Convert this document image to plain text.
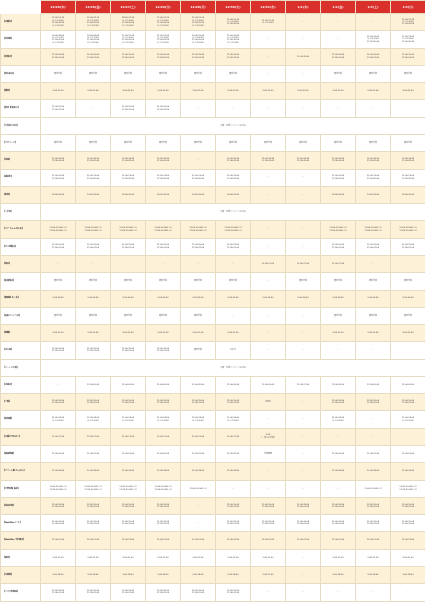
	12/26(木)	12/28(金)	12/27(土)	12/29(日)	12/28(月)	12/30(火)	12/31(水)	1/1(木)	1/2(金)	1/3(土)	1/4(日)
【店舗名】	11:00-13:15
(L.O 13:00)
17:00-20:00
(L.O 19:30)	11:00-13:15
(L.O 13:00)
17:00-20:00
(L.O 19:30)	18:00-13:15
(L.O 13:00)
17:00-20:00
(L.O 19:30)	11:00-13:15
(L.O 13:00)
17:00-20:00
(L.O 19:30)	11:00-13:15
(L.O 13:00)
17:00-20:00
(L.O 19:30)	11:00-13:15
(L.O 13:00)
17:00-20:00	11:00-13:15
(L.O 13:00)	-	-	-	11:00-13:15
(L.O 13:00)
17:00-20:00
【宮車駅】	10:00-18:00
(L.O 17:30)
17:00-20:00
(L.O 19:30)	10:00-18:00
(L.O 17:30)
17:00-20:00
(L.O 19:30)	11:00-13:15
(L.O 13:00)
17:00-20:00
(L.O 19:30)	11:00-13:00
(L.O 13:00)
17:00-20:00
(L.O 19:30)	10:00-19:00
(L.O 18:30)
17:00-20:00
(L.O 19:30)	11:00-13:00
(L.O 13:00)
17:00-20:00
(L.O 19:30)	-	-	-	11:00-13:00
(L.O 13:00)
17:00-20:00	11:00-13:00
(L.O 13:00)
17:00-20:00
【草薙店】	11:00-15:00
17:00-22:00	11:00-15:00
17:00-22:00	11:00-15:00
17:00-22:00	11:00-15:00
17:00-22:00	11:00-15:00
17:00-22:00	11:00-15:00
17:00-22:00	-	11:00-15:00	11:00-15:00
17:00-22:00	11:00-15:00
17:00-22:00	11:00-15:00
17:00-22:00
【西友浜店】	通常営業	通常営業	通常営業	通常営業	通常営業	通常営業	-	-	通常営業	通常営業	通常営業
【豊明】	9:00-21:00	9:00-21:00	9:00-21:00	9:00-21:00	9:00-21:00	9:00-21:00	9:00-21:00	9:00-21:00	9:00-21:00	9:00-21:00	9:00-21:00
【新居 新宿浜口】	11:00-15:00
17:00-22:00	-	11:00-15:00
17:00-22:00	11:00-15:00
17:00-22:00	-	-	-	-	-	-	-
【年始限定休業】	店舗・各種イベントのお休み										
【ナビパーク】	通常営業	通常営業	通常営業	通常営業	通常営業	通常営業	通常営業	通常営業	通常営業	通常営業	通常営業
【角越】	11:00-14:30
17:00-20:00	11:00-14:30
17:00-20:00	11:00-14:30
17:00-20:00	11:00-14:30
17:00-20:00	-	11:00-14:30
17:00-20:00	11:00-14:30
17:00-20:00	11:00-14:30
17:00-20:00	11:00-14:30
17:00-20:00	11:00-14:30
17:00-20:00	11:00-14:30
17:00-20:00
【越前町】	11:00-13:00
17:00-20:00	11:00-13:00
17:00-20:00	11:00-13:00
17:00-20:00	11:00-13:00
17:00-20:00	11:00-13:00
17:00-20:00	11:00-13:00
17:00-20:00	-	-	11:00-13:00
17:00-20:00	11:00-13:00
17:00-20:00	11:00-13:00
17:00-20:00
【駐場】	10:00-16:00	10:00-16:00	10:00-16:00	10:00-16:00	10:00-16:00	10:00-16:00	-	-	10:00-16:00	10:00-16:00	10:00-16:00
【三沢塾】	店舗・各種イベントのお休み										
【ヨナ ちゃんぽん店】	11:00-13:00(L.O)
17:00-20:00(L.O)	11:00-13:00(L.O)
17:00-20:00(L.O)	11:00-13:00(L.O)
17:00-20:00(L.O)	11:00-13:00(L.O)
17:00-20:00(L.O)	11:00-13:00(L.O)
17:00-20:00(L.O)	11:00-13:00(L.O)
17:00-20:00(L.O)	-	-	11:00-13:00(L.O)
17:00-20:00(L.O)	11:00-13:00(L.O)
17:00-20:00(L.O)	11:00-13:00(L.O)
17:00-20:00(L.O)
【ポス海船店】	11:00-15:00
17:00-22:00	11:00-15:00
17:00-22:00	11:00-15:00
17:00-22:00	11:00-15:00
17:00-22:00	11:00-15:00
17:00-22:00	11:00-15:00
17:00-22:00	-	-	11:00-15:00
17:00-22:00	11:00-15:00
17:00-22:00	11:00-15:00
17:00-22:00
【別府】	-	-	-	-	-	-	11:00-17:00	11:00-17:00	11:00-17:00	-	-
【浜浦後店】	通常営業	通常営業	通常営業	通常営業	通常営業	通常営業	-	通常営業	通常営業	通常営業	通常営業
【銀鹿鹿 本ノ店】	9:00-20:00	9:00-20:00	9:00-20:00	9:00-20:00	9:00-20:00	9:00-20:00	9:00-20:00	9:00-20:00	9:00-20:00	9:00-20:00	9:00-20:00
【品浜べっこう店】	通常営業	通常営業	通常営業	通常営業	通常営業	-	-	-	通常営業	通常営業	通常営業
【梅鶴】	9:00-21:00	9:00-21:00	9:00-21:00	9:00-21:00	9:00-21:00	9:00-21:00	-	-	9:00-21:00	9:00-21:00	9:00-21:00
【北九屋】	11:00-15:00
17:00-22:00	11:00-15:00
17:00-22:00	11:00-15:00
17:00-22:00	11:00-15:00
17:00-22:00	通常営業	あわせ	-	-	-	-	-
【ジーンズ本舗】	店舗・各種イベントのお休み										
【北越店】	-	11:00-20:00	11:00-20:00	11:00-20:00	11:00-20:00	11:00-20:00	11:00-20:00	11:00-17:00	11:00-20:00	11:00-20:00	11:00-20:00
【了館】	11:00-15:00
17:00-22:00	11:00-15:00
17:00-22:00	11:00-15:00
17:00-22:00	11:00-15:00
17:00-22:00	11:00-15:00
17:00-22:00	11:00-15:00
17:00-22:00	売切れ	-	11:00-15:00
17:00-22:00	11:00-15:00
17:00-22:00	11:00-15:00
17:00-22:00
【新地橋】	11:00-14:00
(L.O 13:30)	11:00-14:00
(L.O 13:30)	11:00-14:00
(L.O 13:30)	11:00-14:00
(L.O 13:30)	11:00-14:00
(L.O 13:30)	11:00-14:00
(L.O 13:30)	-	-	11:00-14:00
(L.O 13:30)	-	11:00-14:00
(L.O 13:30)
【大橋めぎおはこ】	11:00-17:00	11:00-17:00	11:00-17:00	11:00-17:00	11:00-17:00	11:00-17:00	9:00
（一部のみ営業）	-	-	-	-
【森福華麗】	11:00-22:00	11:00-22:00	11:00-22:00	11:00-22:00	11:00-22:00	11:00-22:00	営業時間	-	11:00-22:00	11:00-22:00	11:00-22:00
【アパール鶏 かっぱん】	11:00-18:00	11:00-18:00	11:00-18:00	11:00-18:00	11:00-18:00	11:00-18:00	-	-	11:00-18:00	11:00-18:00	11:00-18:00
【中華菜館 福泉】	11:00-13:00(L.O)
17:00-20:00(L.O)	11:00-13:00(L.O)
17:00-20:00(L.O)	11:00-13:00(L.O)
17:00-20:00(L.O)	11:00-13:00(L.O)
17:00-20:00(L.O)	11:00-13:00(L.O)	-	-	-	-	11:00-13:00(L.O)	11:00-13:00(L.O)
17:00-20:00(L.O)
【海昌茶場】	11:00-15:00
17:00-22:00	11:00-15:00
17:00-22:00	11:00-15:00
17:00-22:00	11:00-15:00
17:00-22:00	-	11:00-15:00
17:00-22:00	11:00-15:00
17:00-22:00	11:00-15:00
17:00-22:00	11:00-15:00
17:00-22:00	11:00-15:00
17:00-22:00	11:00-15:00
17:00-22:00
【MakiMio ﾄﾞ ｶﾞ】	11:00-15:00
17:00-22:00	11:00-15:00
17:00-22:00	11:00-15:00
17:00-22:00	11:00-15:00
17:00-22:00	-	11:00-15:00
17:00-22:00	11:00-15:00
17:00-22:00	11:00-15:00
17:00-22:00	11:00-15:00
17:00-22:00	11:00-15:00
17:00-22:00	11:00-15:00
17:00-22:00
【MakiMio 中杉園店】	11:00-21:00	11:00-21:00	11:00-21:00	11:00-21:00	11:00-21:00	11:00-21:00	11:00-21:00	11:00-21:00	11:00-21:00	11:00-21:00	11:00-21:00
【森男】	9:00-21:00	9:00-21:00	9:00-21:00	9:00-21:00	9:00-21:00	9:00-21:00	9:00-21:00	-	9:00-21:00	9:00-21:00	9:00-21:00
【本陣館】	9:00-18:00	9:00-18:00	9:00-18:00	9:00-18:00	9:00-18:00	9:00-18:00	9:00-17:00	-	9:00-18:00	9:00-18:00	9:00-18:00
【パスタ料理屋】	11:00-15:00
17:00-22:00	11:00-15:00
17:00-22:00	11:00-15:00
17:00-22:00	11:00-15:00
17:00-22:00	11:00-15:00
17:00-22:00	11:00-15:00
17:00-22:00	-	-	-	-	-
